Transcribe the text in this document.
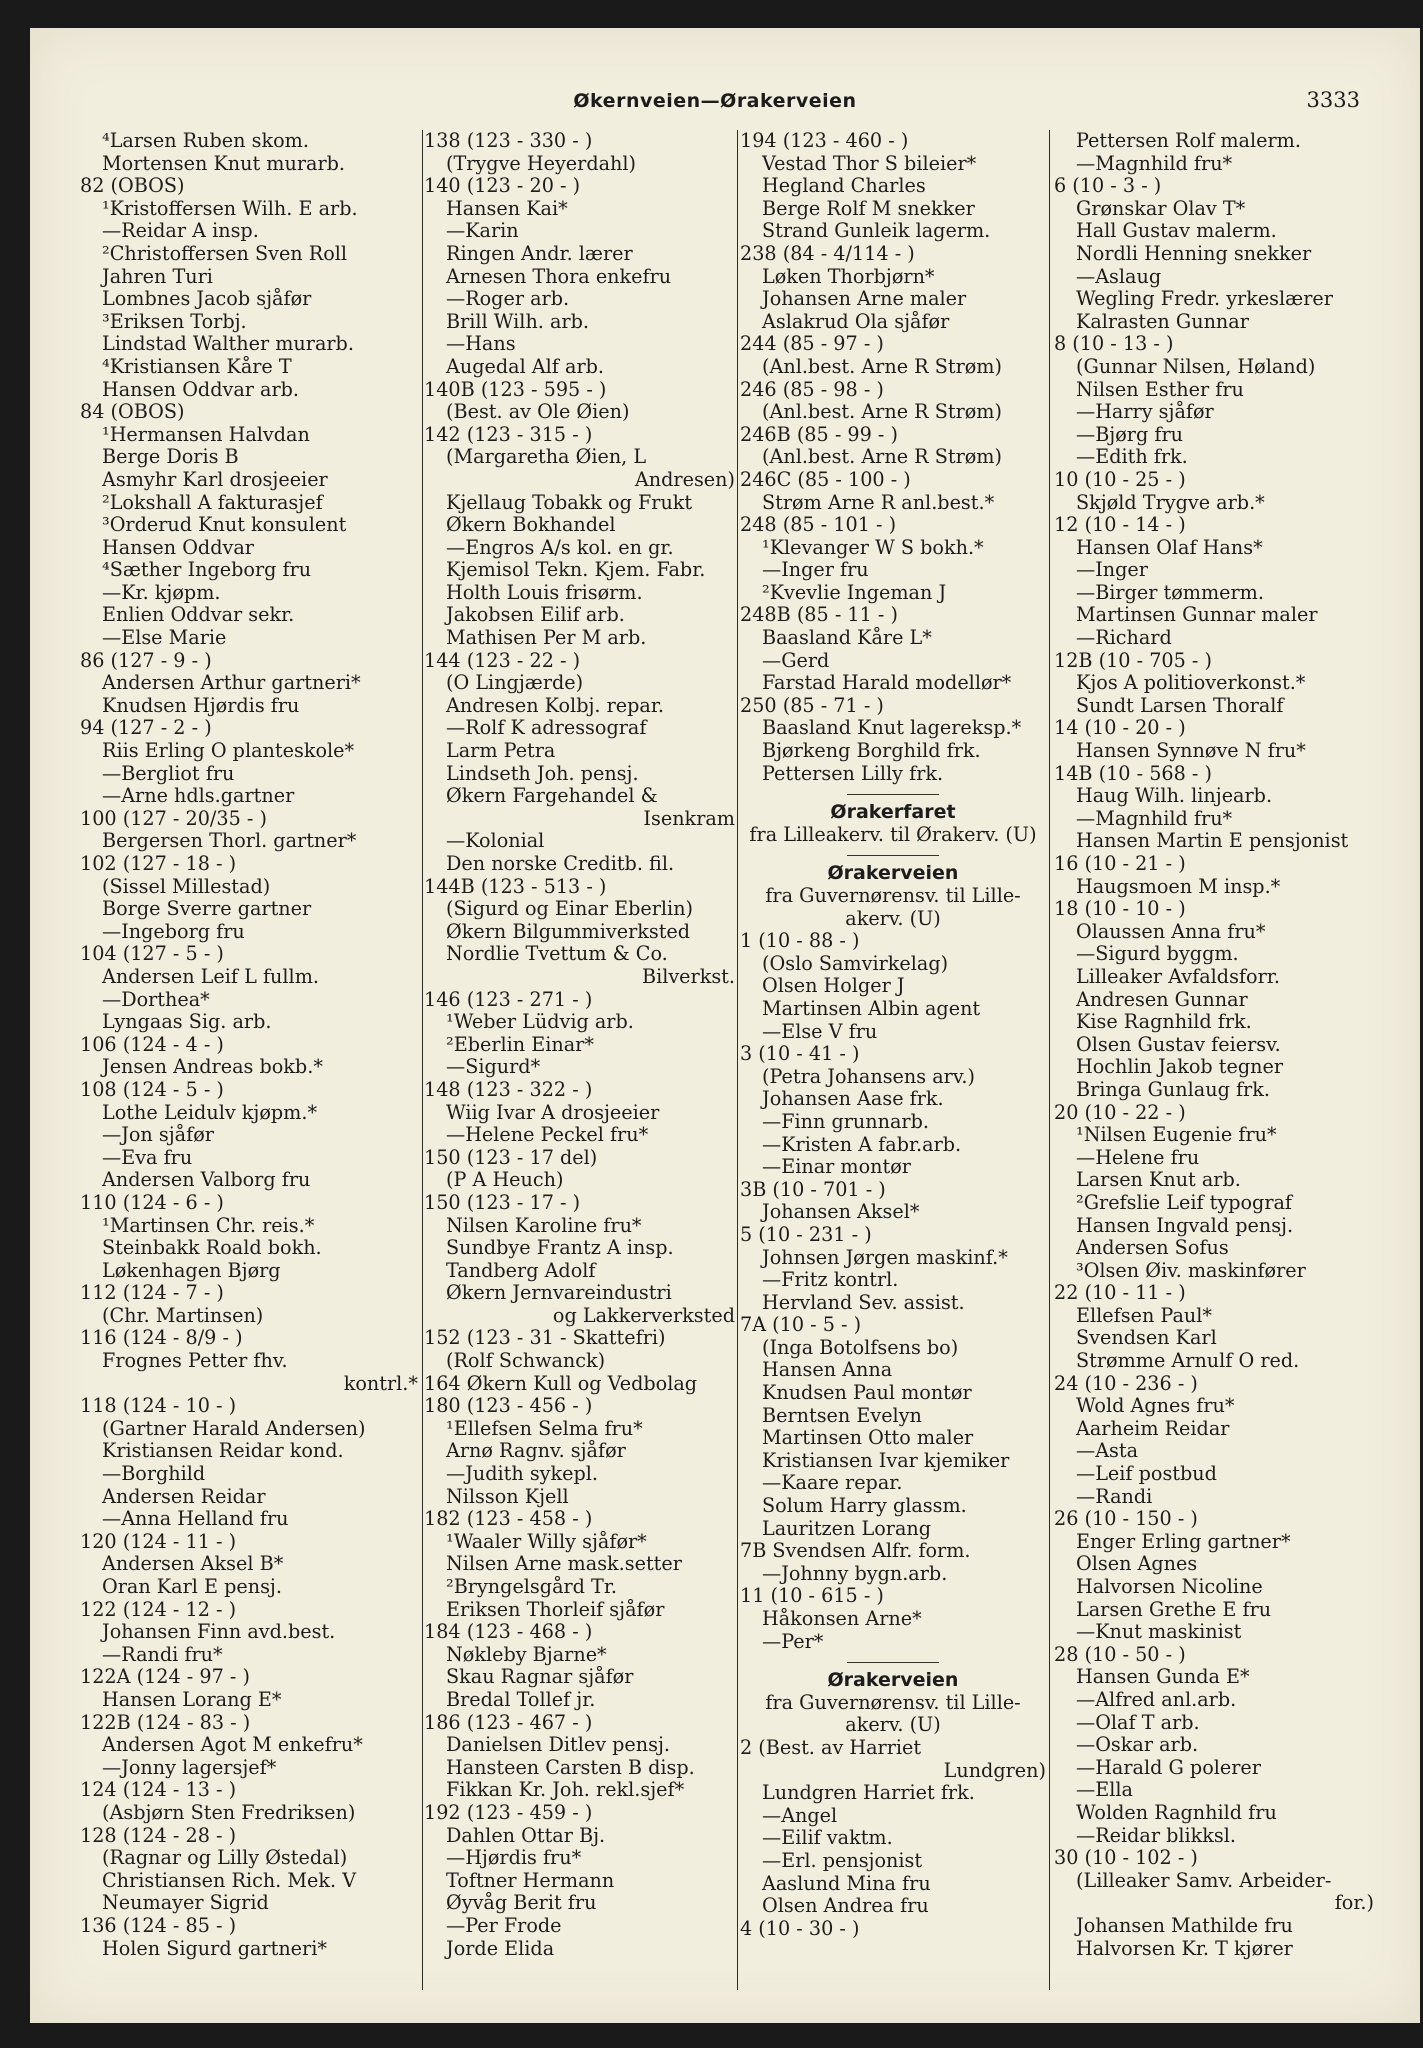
Økernveien—Ørakerveien	3333
⁴Larsen Ruben skom.
Mortensen Knut murarb.
82 (OBOS)
¹Kristoffersen Wilh. E arb.
—Reidar A insp.
²Christoffersen Sven Roll
Jahren Turi
Lombnes Jacob sjåfør
³Eriksen Torbj.
Lindstad Walther murarb.
⁴Kristiansen Kåre T
Hansen Oddvar arb.
84 (OBOS)
¹Hermansen Halvdan
Berge Doris B
Asmyhr Karl drosjeeier
²Lokshall A fakturasjef
³Orderud Knut konsulent
Hansen Oddvar
⁴Sæther Ingeborg fru
—Kr. kjøpm.
Enlien Oddvar sekr.
—Else Marie
86 (127 - 9 - )
Andersen Arthur gartneri*
Knudsen Hjørdis fru
94 (127 - 2 - )
Riis Erling O planteskole*
—Bergliot fru
—Arne hdls.gartner
100 (127 - 20/35 - )
Bergersen Thorl. gartner*
102 (127 - 18 - )
(Sissel Millestad)
Borge Sverre gartner
—Ingeborg fru
104 (127 - 5 - )
Andersen Leif L fullm.
—Dorthea*
Lyngaas Sig. arb.
106 (124 - 4 - )
Jensen Andreas bokb.*
108 (124 - 5 - )
Lothe Leidulv kjøpm.*
—Jon sjåfør
—Eva fru
Andersen Valborg fru
110 (124 - 6 - )
¹Martinsen Chr. reis.*
Steinbakk Roald bokh.
Løkenhagen Bjørg
112 (124 - 7 - )
(Chr. Martinsen)
116 (124 - 8/9 - )
Frognes Petter fhv.
kontrl.*
118 (124 - 10 - )
(Gartner Harald Andersen)
Kristiansen Reidar kond.
—Borghild
Andersen Reidar
—Anna Helland fru
120 (124 - 11 - )
Andersen Aksel B*
Oran Karl E pensj.
122 (124 - 12 - )
Johansen Finn avd.best.
—Randi fru*
122A (124 - 97 - )
Hansen Lorang E*
122B (124 - 83 - )
Andersen Agot M enkefru*
—Jonny lagersjef*
124 (124 - 13 - )
(Asbjørn Sten Fredriksen)
128 (124 - 28 - )
(Ragnar og Lilly Østedal)
Christiansen Rich. Mek. V
Neumayer Sigrid
136 (124 - 85 - )
Holen Sigurd gartneri*
138 (123 - 330 - )
(Trygve Heyerdahl)
140 (123 - 20 - )
Hansen Kai*
—Karin
Ringen Andr. lærer
Arnesen Thora enkefru
—Roger arb.
Brill Wilh. arb.
—Hans
Augedal Alf arb.
140B (123 - 595 - )
(Best. av Ole Øien)
142 (123 - 315 - )
(Margaretha Øien, L
Andresen)
Kjellaug Tobakk og Frukt
Økern Bokhandel
—Engros A/s kol. en gr.
Kjemisol Tekn. Kjem. Fabr.
Holth Louis frisørm.
Jakobsen Eilif arb.
Mathisen Per M arb.
144 (123 - 22 - )
(O Lingjærde)
Andresen Kolbj. repar.
—Rolf K adressograf
Larm Petra
Lindseth Joh. pensj.
Økern Fargehandel &
Isenkram
—Kolonial
Den norske Creditb. fil.
144B (123 - 513 - )
(Sigurd og Einar Eberlin)
Økern Bilgummiverksted
Nordlie Tvettum & Co.
Bilverkst.
146 (123 - 271 - )
¹Weber Lüdvig arb.
²Eberlin Einar*
—Sigurd*
148 (123 - 322 - )
Wiig Ivar A drosjeeier
—Helene Peckel fru*
150 (123 - 17 del)
(P A Heuch)
150 (123 - 17 - )
Nilsen Karoline fru*
Sundbye Frantz A insp.
Tandberg Adolf
Økern Jernvareindustri
og Lakkerverksted
152 (123 - 31 - Skattefri)
(Rolf Schwanck)
164 Økern Kull og Vedbolag
180 (123 - 456 - )
¹Ellefsen Selma fru*
Arnø Ragnv. sjåfør
—Judith sykepl.
Nilsson Kjell
182 (123 - 458 - )
¹Waaler Willy sjåfør*
Nilsen Arne mask.setter
²Bryngelsgård Tr.
Eriksen Thorleif sjåfør
184 (123 - 468 - )
Nøkleby Bjarne*
Skau Ragnar sjåfør
Bredal Tollef jr.
186 (123 - 467 - )
Danielsen Ditlev pensj.
Hansteen Carsten B disp.
Fikkan Kr. Joh. rekl.sjef*
192 (123 - 459 - )
Dahlen Ottar Bj.
—Hjørdis fru*
Toftner Hermann
Øyvåg Berit fru
—Per Frode
Jorde Elida
194 (123 - 460 - )
Vestad Thor S bileier*
Hegland Charles
Berge Rolf M snekker
Strand Gunleik lagerm.
238 (84 - 4/114 - )
Løken Thorbjørn*
Johansen Arne maler
Aslakrud Ola sjåfør
244 (85 - 97 - )
(Anl.best. Arne R Strøm)
246 (85 - 98 - )
(Anl.best. Arne R Strøm)
246B (85 - 99 - )
(Anl.best. Arne R Strøm)
246C (85 - 100 - )
Strøm Arne R anl.best.*
248 (85 - 101 - )
¹Klevanger W S bokh.*
—Inger fru
²Kvevlie Ingeman J
248B (85 - 11 - )
Baasland Kåre L*
—Gerd
Farstad Harald modellør*
250 (85 - 71 - )
Baasland Knut lagereksp.*
Bjørkeng Borghild frk.
Pettersen Lilly frk.
Ørakerfaret
fra Lilleakerv. til Ørakerv. (U)
Ørakerveien
fra Guvernørensv. til Lille-
akerv. (U)
1 (10 - 88 - )
(Oslo Samvirkelag)
Olsen Holger J
Martinsen Albin agent
—Else V fru
3 (10 - 41 - )
(Petra Johansens arv.)
Johansen Aase frk.
—Finn grunnarb.
—Kristen A fabr.arb.
—Einar montør
3B (10 - 701 - )
Johansen Aksel*
5 (10 - 231 - )
Johnsen Jørgen maskinf.*
—Fritz kontrl.
Hervland Sev. assist.
7A (10 - 5 - )
(Inga Botolfsens bo)
Hansen Anna
Knudsen Paul montør
Berntsen Evelyn
Martinsen Otto maler
Kristiansen Ivar kjemiker
—Kaare repar.
Solum Harry glassm.
Lauritzen Lorang
7B Svendsen Alfr. form.
—Johnny bygn.arb.
11 (10 - 615 - )
Håkonsen Arne*
—Per*
Ørakerveien
fra Guvernørensv. til Lille-
akerv. (U)
2 (Best. av Harriet
Lundgren)
Lundgren Harriet frk.
—Angel
—Eilif vaktm.
—Erl. pensjonist
Aaslund Mina fru
Olsen Andrea fru
4 (10 - 30 - )
Pettersen Rolf malerm.
—Magnhild fru*
6 (10 - 3 - )
Grønskar Olav T*
Hall Gustav malerm.
Nordli Henning snekker
—Aslaug
Wegling Fredr. yrkeslærer
Kalrasten Gunnar
8 (10 - 13 - )
(Gunnar Nilsen, Høland)
Nilsen Esther fru
—Harry sjåfør
—Bjørg fru
—Edith frk.
10 (10 - 25 - )
Skjøld Trygve arb.*
12 (10 - 14 - )
Hansen Olaf Hans*
—Inger
—Birger tømmerm.
Martinsen Gunnar maler
—Richard
12B (10 - 705 - )
Kjos A politioverkonst.*
Sundt Larsen Thoralf
14 (10 - 20 - )
Hansen Synnøve N fru*
14B (10 - 568 - )
Haug Wilh. linjearb.
—Magnhild fru*
Hansen Martin E pensjonist
16 (10 - 21 - )
Haugsmoen M insp.*
18 (10 - 10 - )
Olaussen Anna fru*
—Sigurd byggm.
Lilleaker Avfaldsforr.
Andresen Gunnar
Kise Ragnhild frk.
Olsen Gustav feiersv.
Hochlin Jakob tegner
Bringa Gunlaug frk.
20 (10 - 22 - )
¹Nilsen Eugenie fru*
—Helene fru
Larsen Knut arb.
²Grefslie Leif typograf
Hansen Ingvald pensj.
Andersen Sofus
³Olsen Øiv. maskinfører
22 (10 - 11 - )
Ellefsen Paul*
Svendsen Karl
Strømme Arnulf O red.
24 (10 - 236 - )
Wold Agnes fru*
Aarheim Reidar
—Asta
—Leif postbud
—Randi
26 (10 - 150 - )
Enger Erling gartner*
Olsen Agnes
Halvorsen Nicoline
Larsen Grethe E fru
—Knut maskinist
28 (10 - 50 - )
Hansen Gunda E*
—Alfred anl.arb.
—Olaf T arb.
—Oskar arb.
—Harald G polerer
—Ella
Wolden Ragnhild fru
—Reidar blikksl.
30 (10 - 102 - )
(Lilleaker Samv. Arbeider-
for.)
Johansen Mathilde fru
Halvorsen Kr. T kjører
